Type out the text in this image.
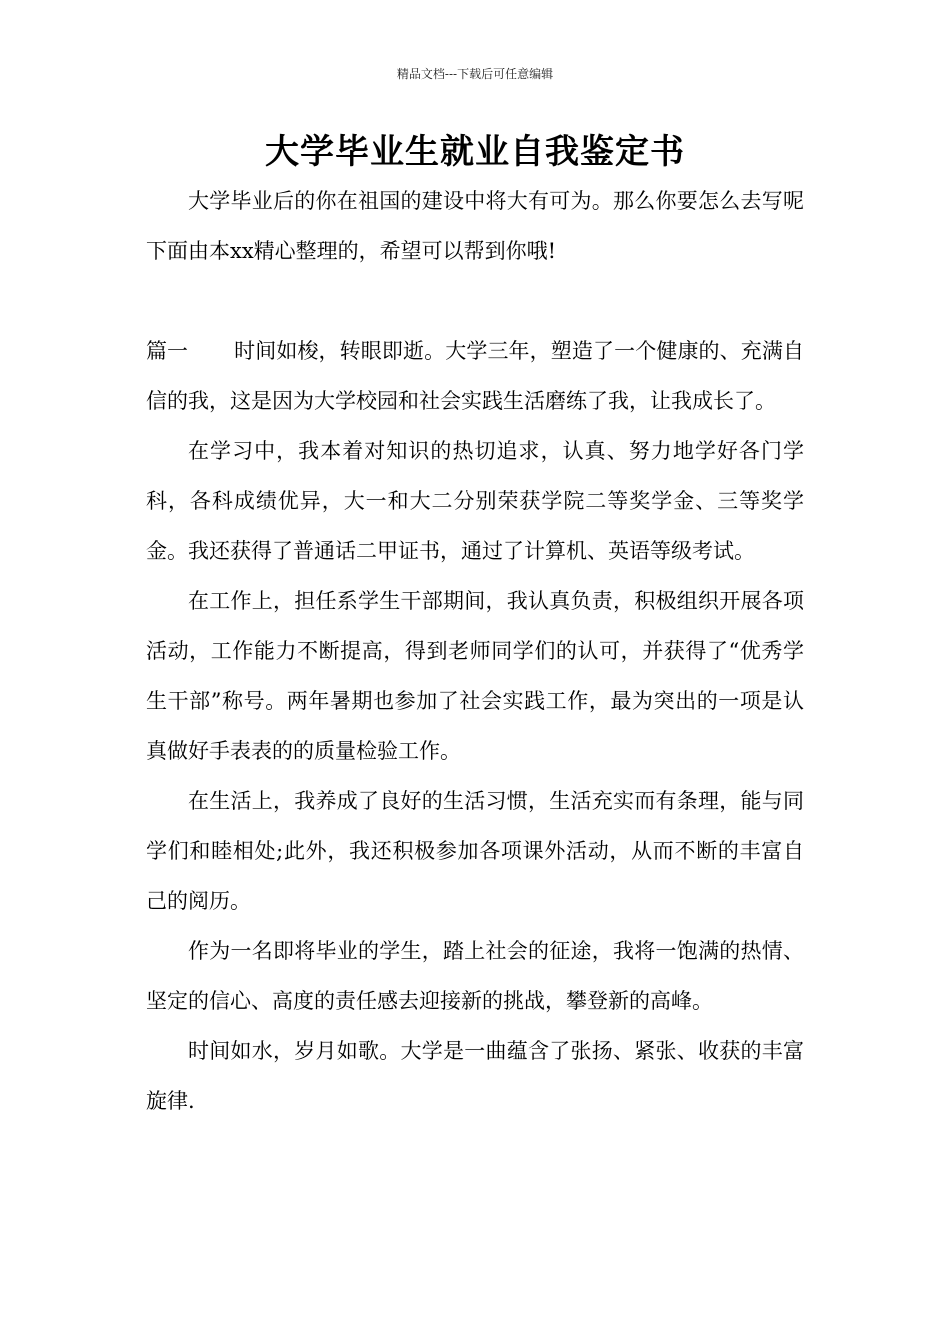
精品文档---下载后可任意编辑
大学毕业生就业自我鉴定书

大学毕业后的你在祖国的建设中将大有可为。那么你要怎么去写呢下面由本xx精心整理的，希望可以帮到你哦!

篇一 时间如梭，转眼即逝。大学三年，塑造了一个健康的、充满自信的我，这是因为大学校园和社会实践生活磨练了我，让我成长了。

在学习中，我本着对知识的热切追求，认真、努力地学好各门学科，各科成绩优异，大一和大二分别荣获学院二等奖学金、三等奖学金。我还获得了普通话二甲证书，通过了计算机、英语等级考试。

在工作上，担任系学生干部期间，我认真负责，积极组织开展各项活动，工作能力不断提高，得到老师同学们的认可，并获得了“优秀学生干部”称号。两年暑期也参加了社会实践工作，最为突出的一项是认真做好手表表的的质量检验工作。

在生活上，我养成了良好的生活习惯，生活充实而有条理，能与同学们和睦相处;此外，我还积极参加各项课外活动，从而不断的丰富自己的阅历。

作为一名即将毕业的学生，踏上社会的征途，我将一饱满的热情、坚定的信心、高度的责任感去迎接新的挑战，攀登新的高峰。

时间如水，岁月如歌。大学是一曲蕴含了张扬、紧张、收获的丰富旋律.
